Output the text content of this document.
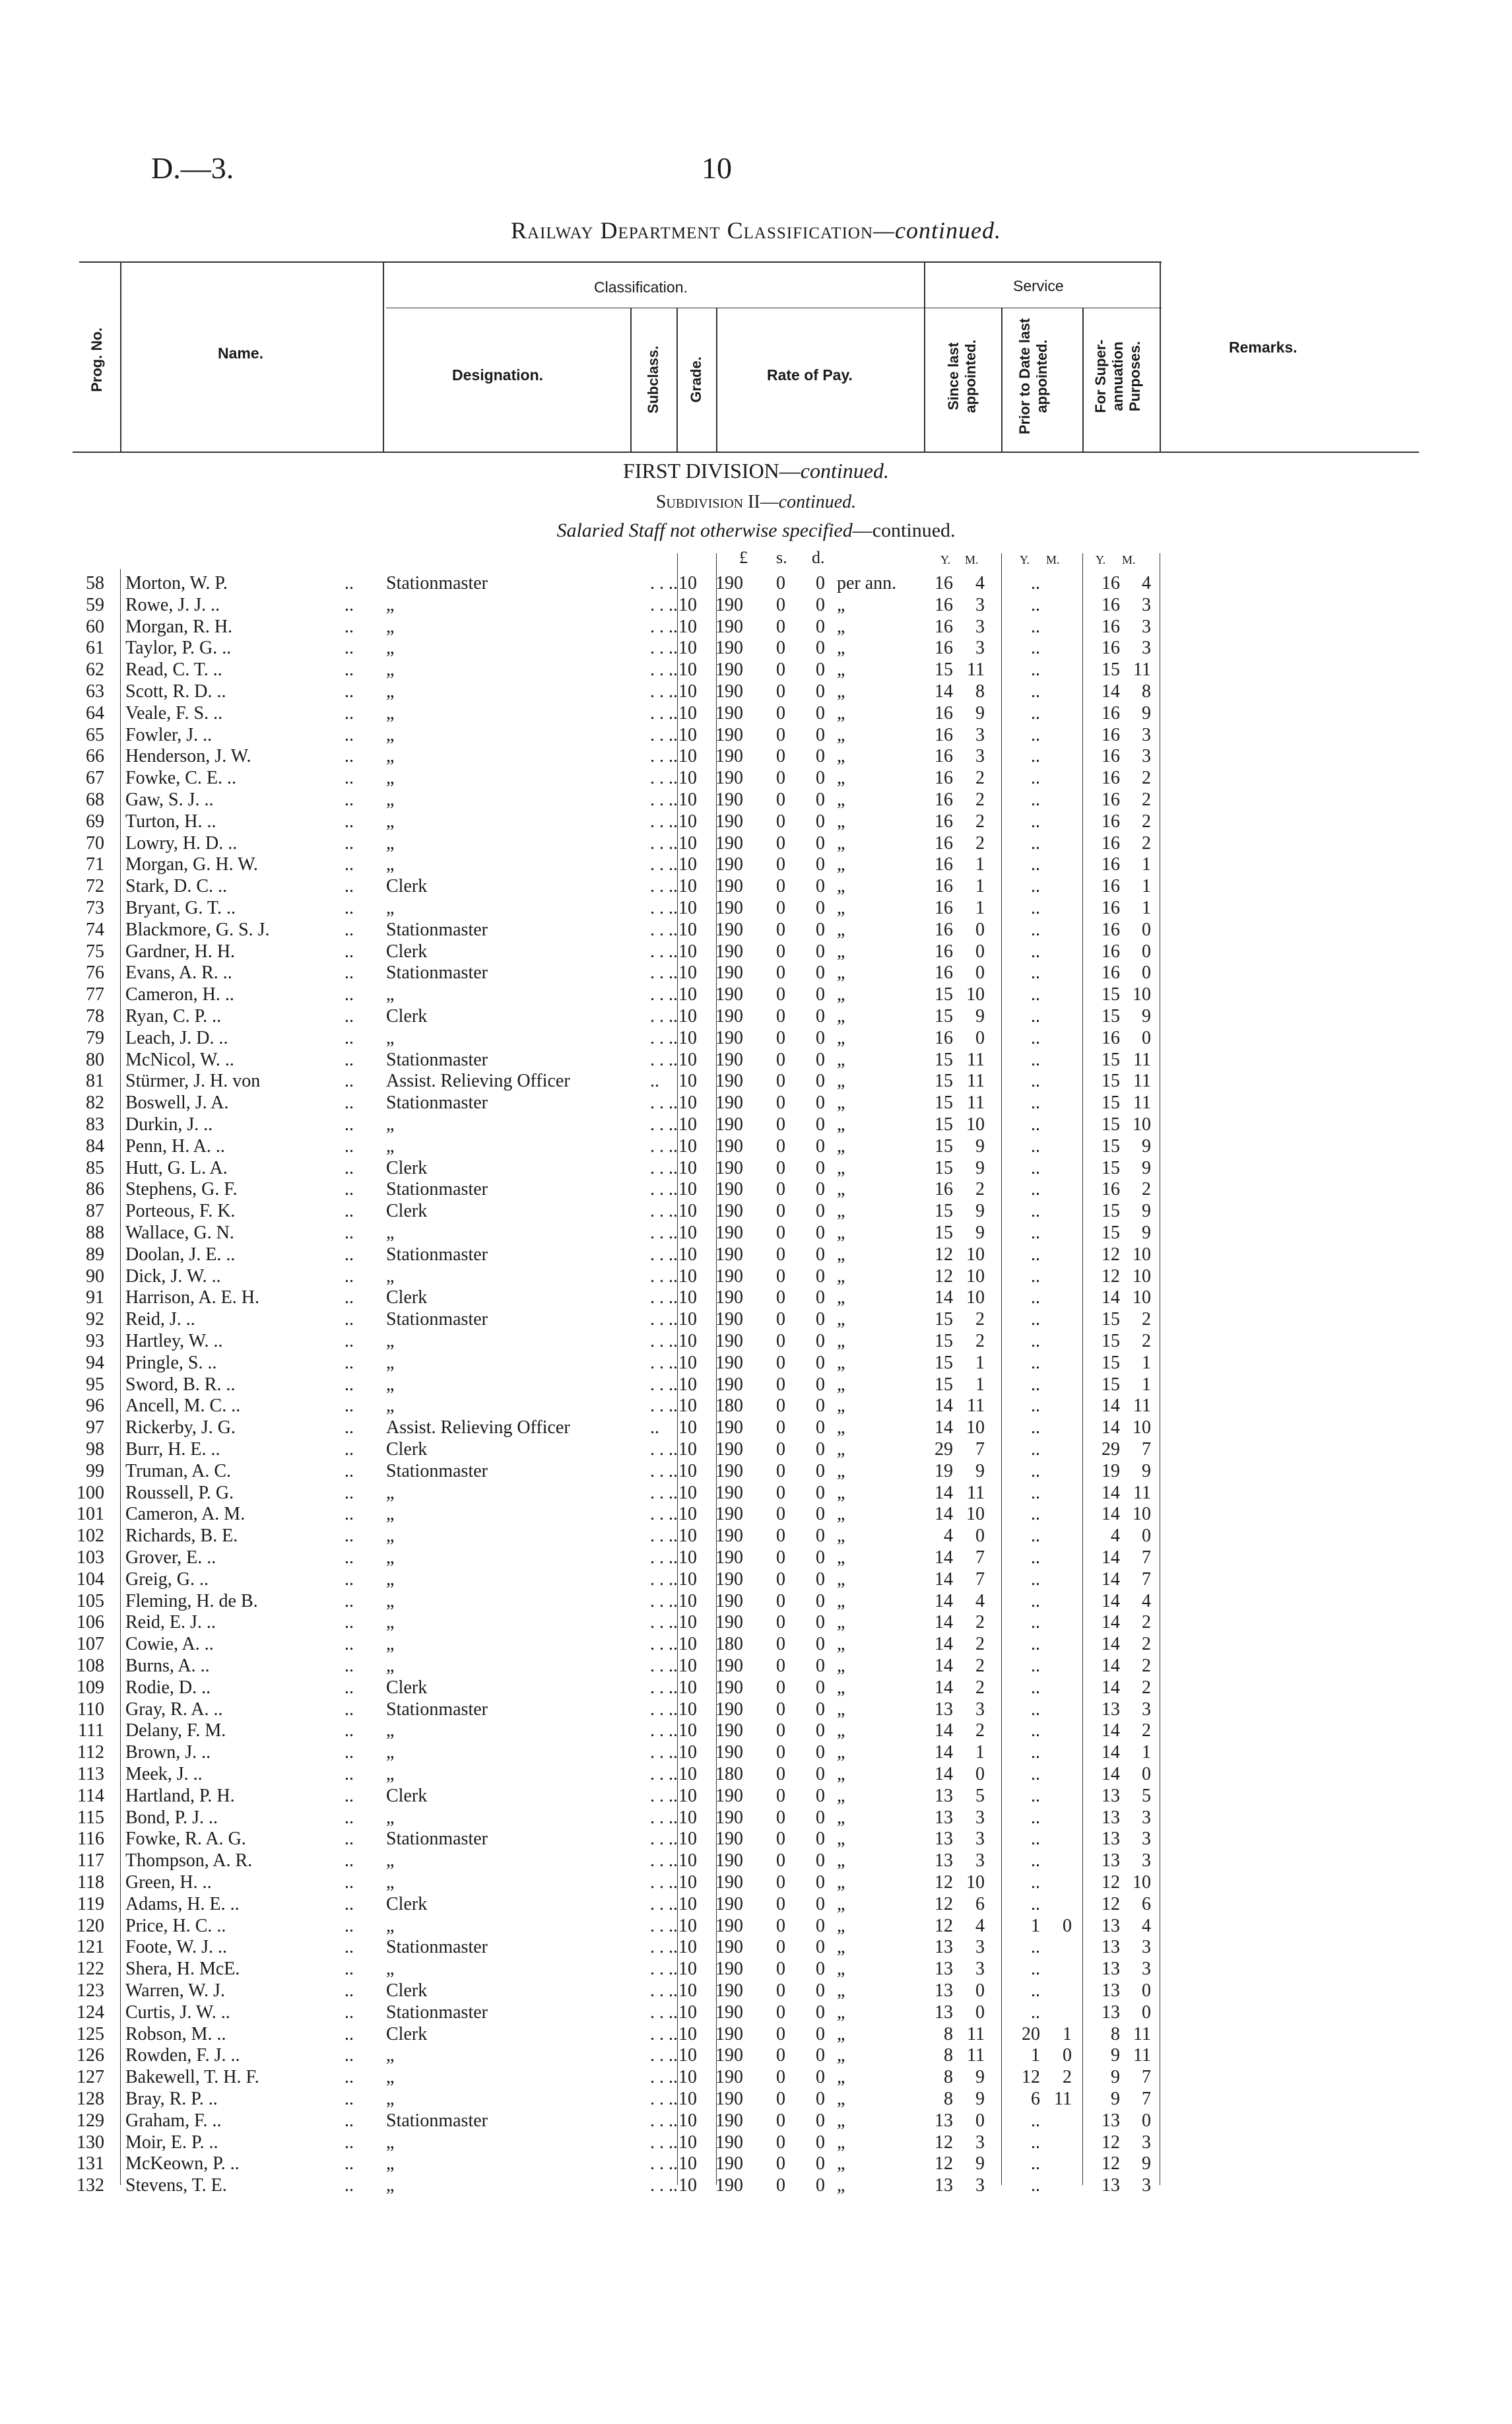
D.—3.	10
Railway Department Classification—continued.
Classification.	Service
Name.
Designation.	Rate of Pay.
Remarks.
Prog. No.	Subclass. Grade.	Since last appointed.	Prior to Date last appointed.	For Super-annuation Purposes.
FIRST DIVISION—continued.
Subdivision II—continued.
Salaried Staff not otherwise specified—continued.
£ s. d.	Y. M.	Y. M.	Y. M.
58 Morton, W. P.	.. Stationmaster	. . .. 10	190 0 0 per ann.	16	4	..	16	4
59 Rowe, J. J. ..	.. „	. . .. 10	190 0 0 „	16	3	..	16	3
60 Morgan, R. H.	.. „	. . .. 10	190 0 0 „	16	3	..	16	3
61 Taylor, P. G. ..	.. „	. . .. 10	190 0 0 „	16	3	..	16	3
62 Read, C. T. ..	.. „	. . .. 10	190 0 0 „	15 11	..	15 11
63 Scott, R. D. ..	.. „	. . .. 10	190 0 0 „	14	8	..	14	8
64 Veale, F. S. ..	.. „	. . .. 10	190 0 0 „	16	9	..	16	9
65 Fowler, J. ..	.. „	. . .. 10	190 0 0 „	16	3	..	16	3
66 Henderson, J. W.	.. „	. . .. 10	190 0 0 „	16	3	..	16	3
67 Fowke, C. E. ..	.. „	. . .. 10	190 0 0 „	16	2	..	16	2
68 Gaw, S. J. ..	.. „	. . .. 10	190 0 0 „	16	2	..	16	2
69 Turton, H. ..	.. „	. . .. 10	190 0 0 „	16	2	..	16	2
70 Lowry, H. D. ..	.. „	. . .. 10	190 0 0 „	16	2	..	16	2
71 Morgan, G. H. W.	.. „	. . .. 10	190 0 0 „	16	1	..	16	1
72 Stark, D. C. ..	.. Clerk	. . .. 10	190 0 0 „	16	1	..	16	1
73 Bryant, G. T. ..	.. „	. . .. 10	190 0 0 „	16	1	..	16	1
74 Blackmore, G. S. J.	.. Stationmaster	. . .. 10	190 0 0 „	16	0	..	16	0
75 Gardner, H. H.	.. Clerk	. . .. 10	190 0 0 „	16	0	..	16	0
76 Evans, A. R. ..	.. Stationmaster	. . .. 10	190 0 0 „	16	0	..	16	0
77 Cameron, H. ..	.. „	. . .. 10	190 0 0 „	15 10	..	15 10
78 Ryan, C. P. ..	.. Clerk	. . .. 10	190 0 0 „	15	9	..	15	9
79 Leach, J. D. ..	.. „	. . .. 10	190 0 0 „	16	0	..	16	0
80 McNicol, W. ..	.. Stationmaster	. . .. 10	190 0 0 „	15 11	..	15 11
81 Stürmer, J. H. von	.. Assist. Relieving Officer	.. 10	190 0 0 „	15 11	..	15 11
82 Boswell, J. A.	.. Stationmaster	. . .. 10	190 0 0 „	15 11	..	15 11
83 Durkin, J. ..	.. „	. . .. 10	190 0 0 „	15 10	..	15 10
84 Penn, H. A. ..	.. „	. . .. 10	190 0 0 „	15	9	..	15	9
85 Hutt, G. L. A.	.. Clerk	. . .. 10	190 0 0 „	15	9	..	15	9
86 Stephens, G. F.	.. Stationmaster	. . .. 10	190 0 0 „	16	2	..	16	2
87 Porteous, F. K.	.. Clerk	. . .. 10	190 0 0 „	15	9	..	15	9
88 Wallace, G. N.	.. „	. . .. 10	190 0 0 „	15	9	..	15	9
89 Doolan, J. E. ..	.. Stationmaster	. . .. 10	190 0 0 „	12 10	..	12 10
90 Dick, J. W. ..	.. „	. . .. 10	190 0 0 „	12 10	..	12 10
91 Harrison, A. E. H.	.. Clerk	. . .. 10	190 0 0 „	14 10	..	14 10
92 Reid, J. ..	.. Stationmaster	. . .. 10	190 0 0 „	15	2	..	15	2
93 Hartley, W. ..	.. „	. . .. 10	190 0 0 „	15	2	..	15	2
94 Pringle, S. ..	.. „	. . .. 10	190 0 0 „	15	1	..	15	1
95 Sword, B. R. ..	.. „	. . .. 10	190 0 0 „	15	1	..	15	1
96 Ancell, M. C. ..	.. „	. . .. 10	180 0 0 „	14 11	..	14 11
97 Rickerby, J. G.	.. Assist. Relieving Officer	.. 10	190 0 0 „	14 10	..	14 10
98 Burr, H. E. ..	.. Clerk	. . .. 10	190 0 0 „	29	7	..	29	7
99 Truman, A. C.	.. Stationmaster	. . .. 10	190 0 0 „	19	9	..	19	9
100 Roussell, P. G.	.. „	. . .. 10	190 0 0 „	14 11	..	14 11
101 Cameron, A. M.	.. „	. . .. 10	190 0 0 „	14 10	..	14 10
102 Richards, B. E.	.. „	. . .. 10	190 0 0 „	4	0	..	4	0
103 Grover, E. ..	.. „	. . .. 10	190 0 0 „	14	7	..	14	7
104 Greig, G. ..	.. „	. . .. 10	190 0 0 „	14	7	..	14	7
105 Fleming, H. de B.	.. „	. . .. 10	190 0 0 „	14	4	..	14	4
106 Reid, E. J. ..	.. „	. . .. 10	190 0 0 „	14	2	..	14	2
107 Cowie, A. ..	.. „	. . .. 10	180 0 0 „	14	2	..	14	2
108 Burns, A. ..	.. „	. . .. 10	190 0 0 „	14	2	..	14	2
109 Rodie, D. ..	.. Clerk	. . .. 10	190 0 0 „	14	2	..	14	2
110 Gray, R. A. ..	.. Stationmaster	. . .. 10	190 0 0 „	13	3	..	13	3
111 Delany, F. M.	.. „	. . .. 10	190 0 0 „	14	2	..	14	2
112 Brown, J. ..	.. „	. . .. 10	190 0 0 „	14	1	..	14	1
113 Meek, J. ..	.. „	. . .. 10	180 0 0 „	14	0	..	14	0
114 Hartland, P. H.	.. Clerk	. . .. 10	190 0 0 „	13	5	..	13	5
115 Bond, P. J. ..	.. „	. . .. 10	190 0 0 „	13	3	..	13	3
116 Fowke, R. A. G.	.. Stationmaster	. . .. 10	190 0 0 „	13	3	..	13	3
117 Thompson, A. R.	.. „	. . .. 10	190 0 0 „	13	3	..	13	3
118 Green, H. ..	.. „	. . .. 10	190 0 0 „	12 10	..	12 10
119 Adams, H. E. ..	.. Clerk	. . .. 10	190 0 0 „	12	6	..	12	6
120 Price, H. C. ..	.. „	. . .. 10	190 0 0 „	12	4	1	0	13	4
121 Foote, W. J. ..	.. Stationmaster	. . .. 10	190 0 0 „	13	3	..	13	3
122 Shera, H. McE.	.. „	. . .. 10	190 0 0 „	13	3	..	13	3
123 Warren, W. J.	.. Clerk	. . .. 10	190 0 0 „	13	0	..	13	0
124 Curtis, J. W. ..	.. Stationmaster	. . .. 10	190 0 0 „	13	0	..	13	0
125 Robson, M. ..	.. Clerk	. . .. 10	190 0 0 „	8 11	20	1	8 11
126 Rowden, F. J. ..	.. „	. . .. 10	190 0 0 „	8 11	1	0	9 11
127 Bakewell, T. H. F.	.. „	. . .. 10	190 0 0 „	8	9	12	2	9	7
128 Bray, R. P. ..	.. „	. . .. 10	190 0 0 „	8	9	6 11	9	7
129 Graham, F. ..	.. Stationmaster	. . .. 10	190 0 0 „	13	0	..	13	0
130 Moir, E. P. ..	.. „	. . .. 10	190 0 0 „	12	3	..	12	3
131 McKeown, P. ..	.. „	. . .. 10	190 0 0 „	12	9	..	12	9
132 Stevens, T. E.	.. „	. . .. 10	190 0 0 „	13	3	..	13	3
